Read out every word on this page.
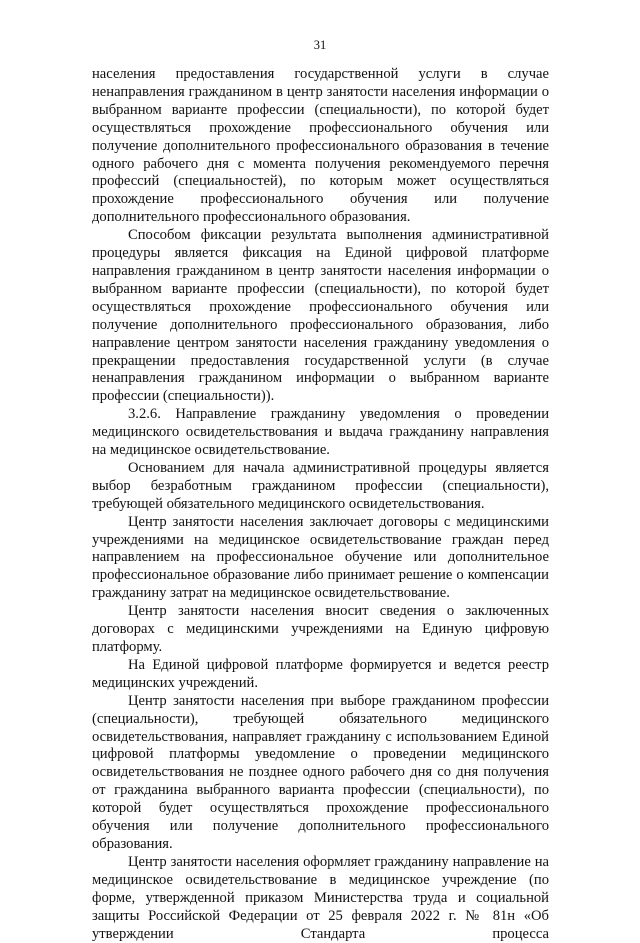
31

населения предоставления государственной услуги в случае ненаправления гражданином в центр занятости населения информации о выбранном варианте профессии (специальности), по которой будет осуществляться прохождение профессионального обучения или получение дополнительного профессионального образования в течение одного рабочего дня с момента получения рекомендуемого перечня профессий (специальностей), по которым может осуществляться прохождение профессионального обучения или получение дополнительного профессионального образования.

Способом фиксации результата выполнения административной процедуры является фиксация на Единой цифровой платформе направления гражданином в центр занятости населения информации о выбранном варианте профессии (специальности), по которой будет осуществляться прохождение профессионального обучения или получение дополнительного профессионального образования, либо направление центром занятости населения гражданину уведомления о прекращении предоставления государственной услуги (в случае ненаправления гражданином информации о выбранном варианте профессии (специальности)).

3.2.6. Направление гражданину уведомления о проведении медицинского освидетельствования и выдача гражданину направления на медицинское освидетельствование.

Основанием для начала административной процедуры является выбор безработным гражданином профессии (специальности), требующей обязательного медицинского освидетельствования.

Центр занятости населения заключает договоры с медицинскими учреждениями на медицинское освидетельствование граждан перед направлением на профессиональное обучение или дополнительное профессиональное образование либо принимает решение о компенсации гражданину затрат на медицинское освидетельствование.

Центр занятости населения вносит сведения о заключенных договорах с медицинскими учреждениями на Единую цифровую платформу.

На Единой цифровой платформе формируется и ведется реестр медицинских учреждений.

Центр занятости населения при выборе гражданином профессии (специальности), требующей обязательного медицинского освидетельствования, направляет гражданину с использованием Единой цифровой платформы уведомление о проведении медицинского освидетельствования не позднее одного рабочего дня со дня получения от гражданина выбранного варианта профессии (специальности), по которой будет осуществляться прохождение профессионального обучения или получение дополнительного профессионального образования.

Центр занятости населения оформляет гражданину направление на медицинское освидетельствование в медицинское учреждение (по форме, утвержденной приказом Министерства труда и социальной защиты Российской Федерации от 25 февраля 2022 г. № 81н «Об утверждении Стандарта процесса
